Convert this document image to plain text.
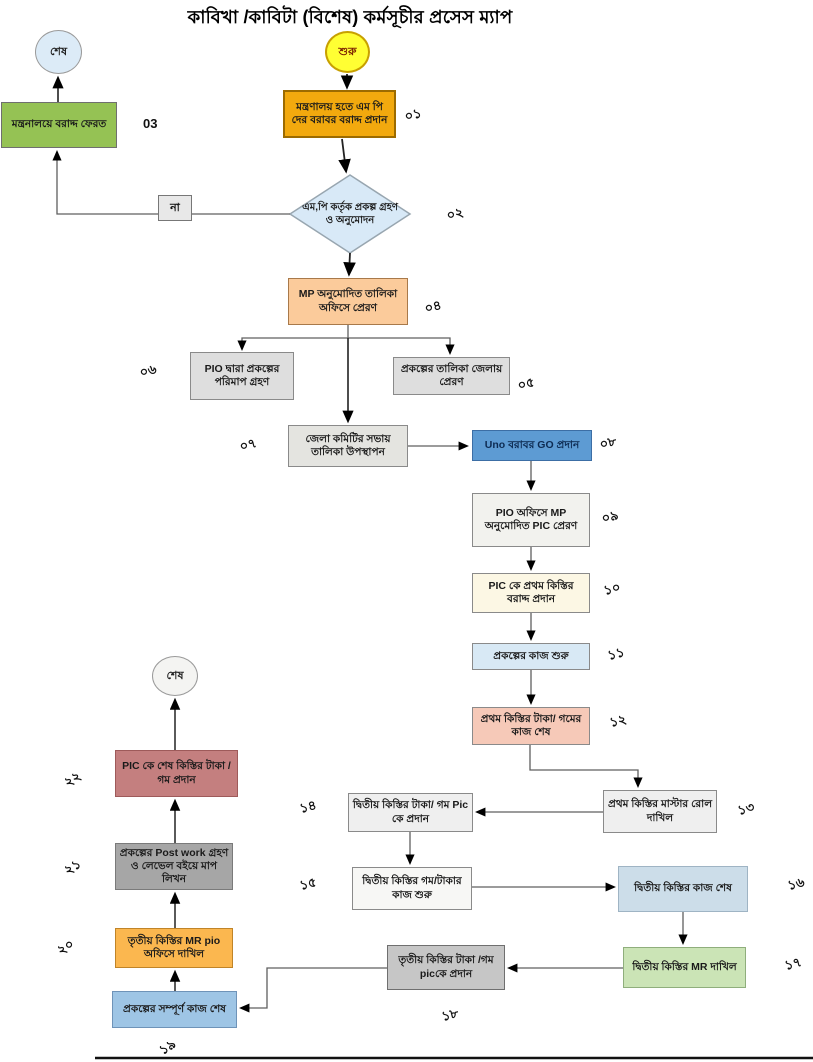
কাবিখা /কাবিটা (বিশেষ) কর্মসূচীর প্রসেস ম্যাপ
শুরু
শেষ
শেষ
এম,পি কর্তৃক প্রকল্প গ্রহণ ও অনুমোদন
না
মন্ত্রণালয় হতে এম পি দের বরাবর বরাদ্দ প্রদান
মন্ত্রনালয়ে বরাদ্দ ফেরত
MP অনুমোদিত তালিকা অফিসে প্রেরণ
প্রকল্পের তালিকা জেলায় প্রেরণ
PIO দ্বারা প্রকল্পের পরিমাপ গ্রহণ
জেলা কমিটির সভায় তালিকা উপস্থাপন
Uno বরাবর GO প্রদান
PIO অফিসে MP অনুমোদিত PIC প্রেরণ
PIC কে প্রথম কিস্তির বরাদ্দ প্রদান
প্রকল্পের কাজ শুরু
প্রথম কিস্তির টাকা/ গমের কাজ শেষ
প্রথম কিস্তির মাস্টার রোল দাখিল
দ্বিতীয় কিস্তির টাকা/ গম Pic কে প্রদান
দ্বিতীয় কিস্তির গম/টাকার কাজ শুরু
দ্বিতীয় কিস্তির কাজ শেষ
দ্বিতীয় কিস্তির MR দাখিল
তৃতীয় কিস্তির টাকা /গম picকে প্রদান
প্রকল্পের সম্পূর্ণ কাজ শেষ
তৃতীয় কিস্তির MR pio অফিসে দাখিল
প্রকল্পের Post work গ্রহণ ও লেভেল বইয়ে মাপ লিখন
PIC কে শেষ কিস্তির টাকা /গম প্রদান
০১
০২
03
০৪
০৫
০৬
০৭	০৮
০৯
১০
১১
১২
১৩
১৪
১৫	১৬
১৭
১৮
১৯
২০
২১
২২
